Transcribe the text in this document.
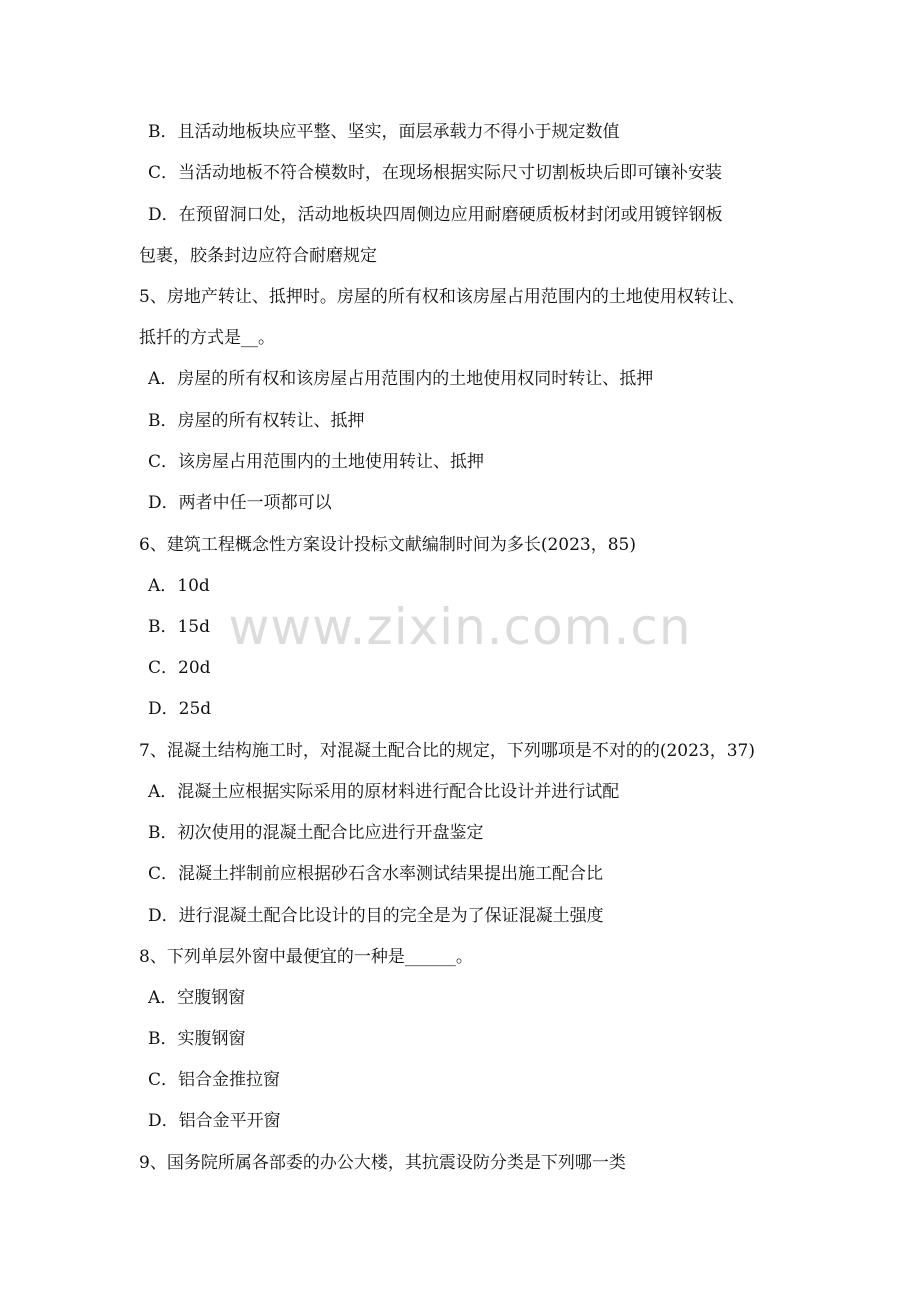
B．且活动地板块应平整、坚实，面层承载力不得小于规定数值
C．当活动地板不符合模数时，在现场根据实际尺寸切割板块后即可镶补安装
D．在预留洞口处，活动地板块四周侧边应用耐磨硬质板材封闭或用镀锌钢板
包裹，胶条封边应符合耐磨规定
5、房地产转让、抵押时。房屋的所有权和该房屋占用范围内的土地使用权转让、
抵扦的方式是__。
A．房屋的所有权和该房屋占用范围内的土地使用权同时转让、抵押
B．房屋的所有权转让、抵押
C．该房屋占用范围内的土地使用转让、抵押
D．两者中任一项都可以
6、建筑工程概念性方案设计投标文献编制时间为多长(2023，85)
A．10d
B．15d
C．20d
D．25d
7、混凝土结构施工时，对混凝土配合比的规定，下列哪项是不对的的(2023，37)
A．混凝土应根据实际采用的原材料进行配合比设计并进行试配
B．初次使用的混凝土配合比应进行开盘鉴定
C．混凝土拌制前应根据砂石含水率测试结果提出施工配合比
D．进行混凝土配合比设计的目的完全是为了保证混凝土强度
8、下列单层外窗中最便宜的一种是______。
A．空腹钢窗
B．实腹钢窗
C．铝合金推拉窗
D．铝合金平开窗
9、国务院所属各部委的办公大楼，其抗震设防分类是下列哪一类
www.zixin.com.cn
